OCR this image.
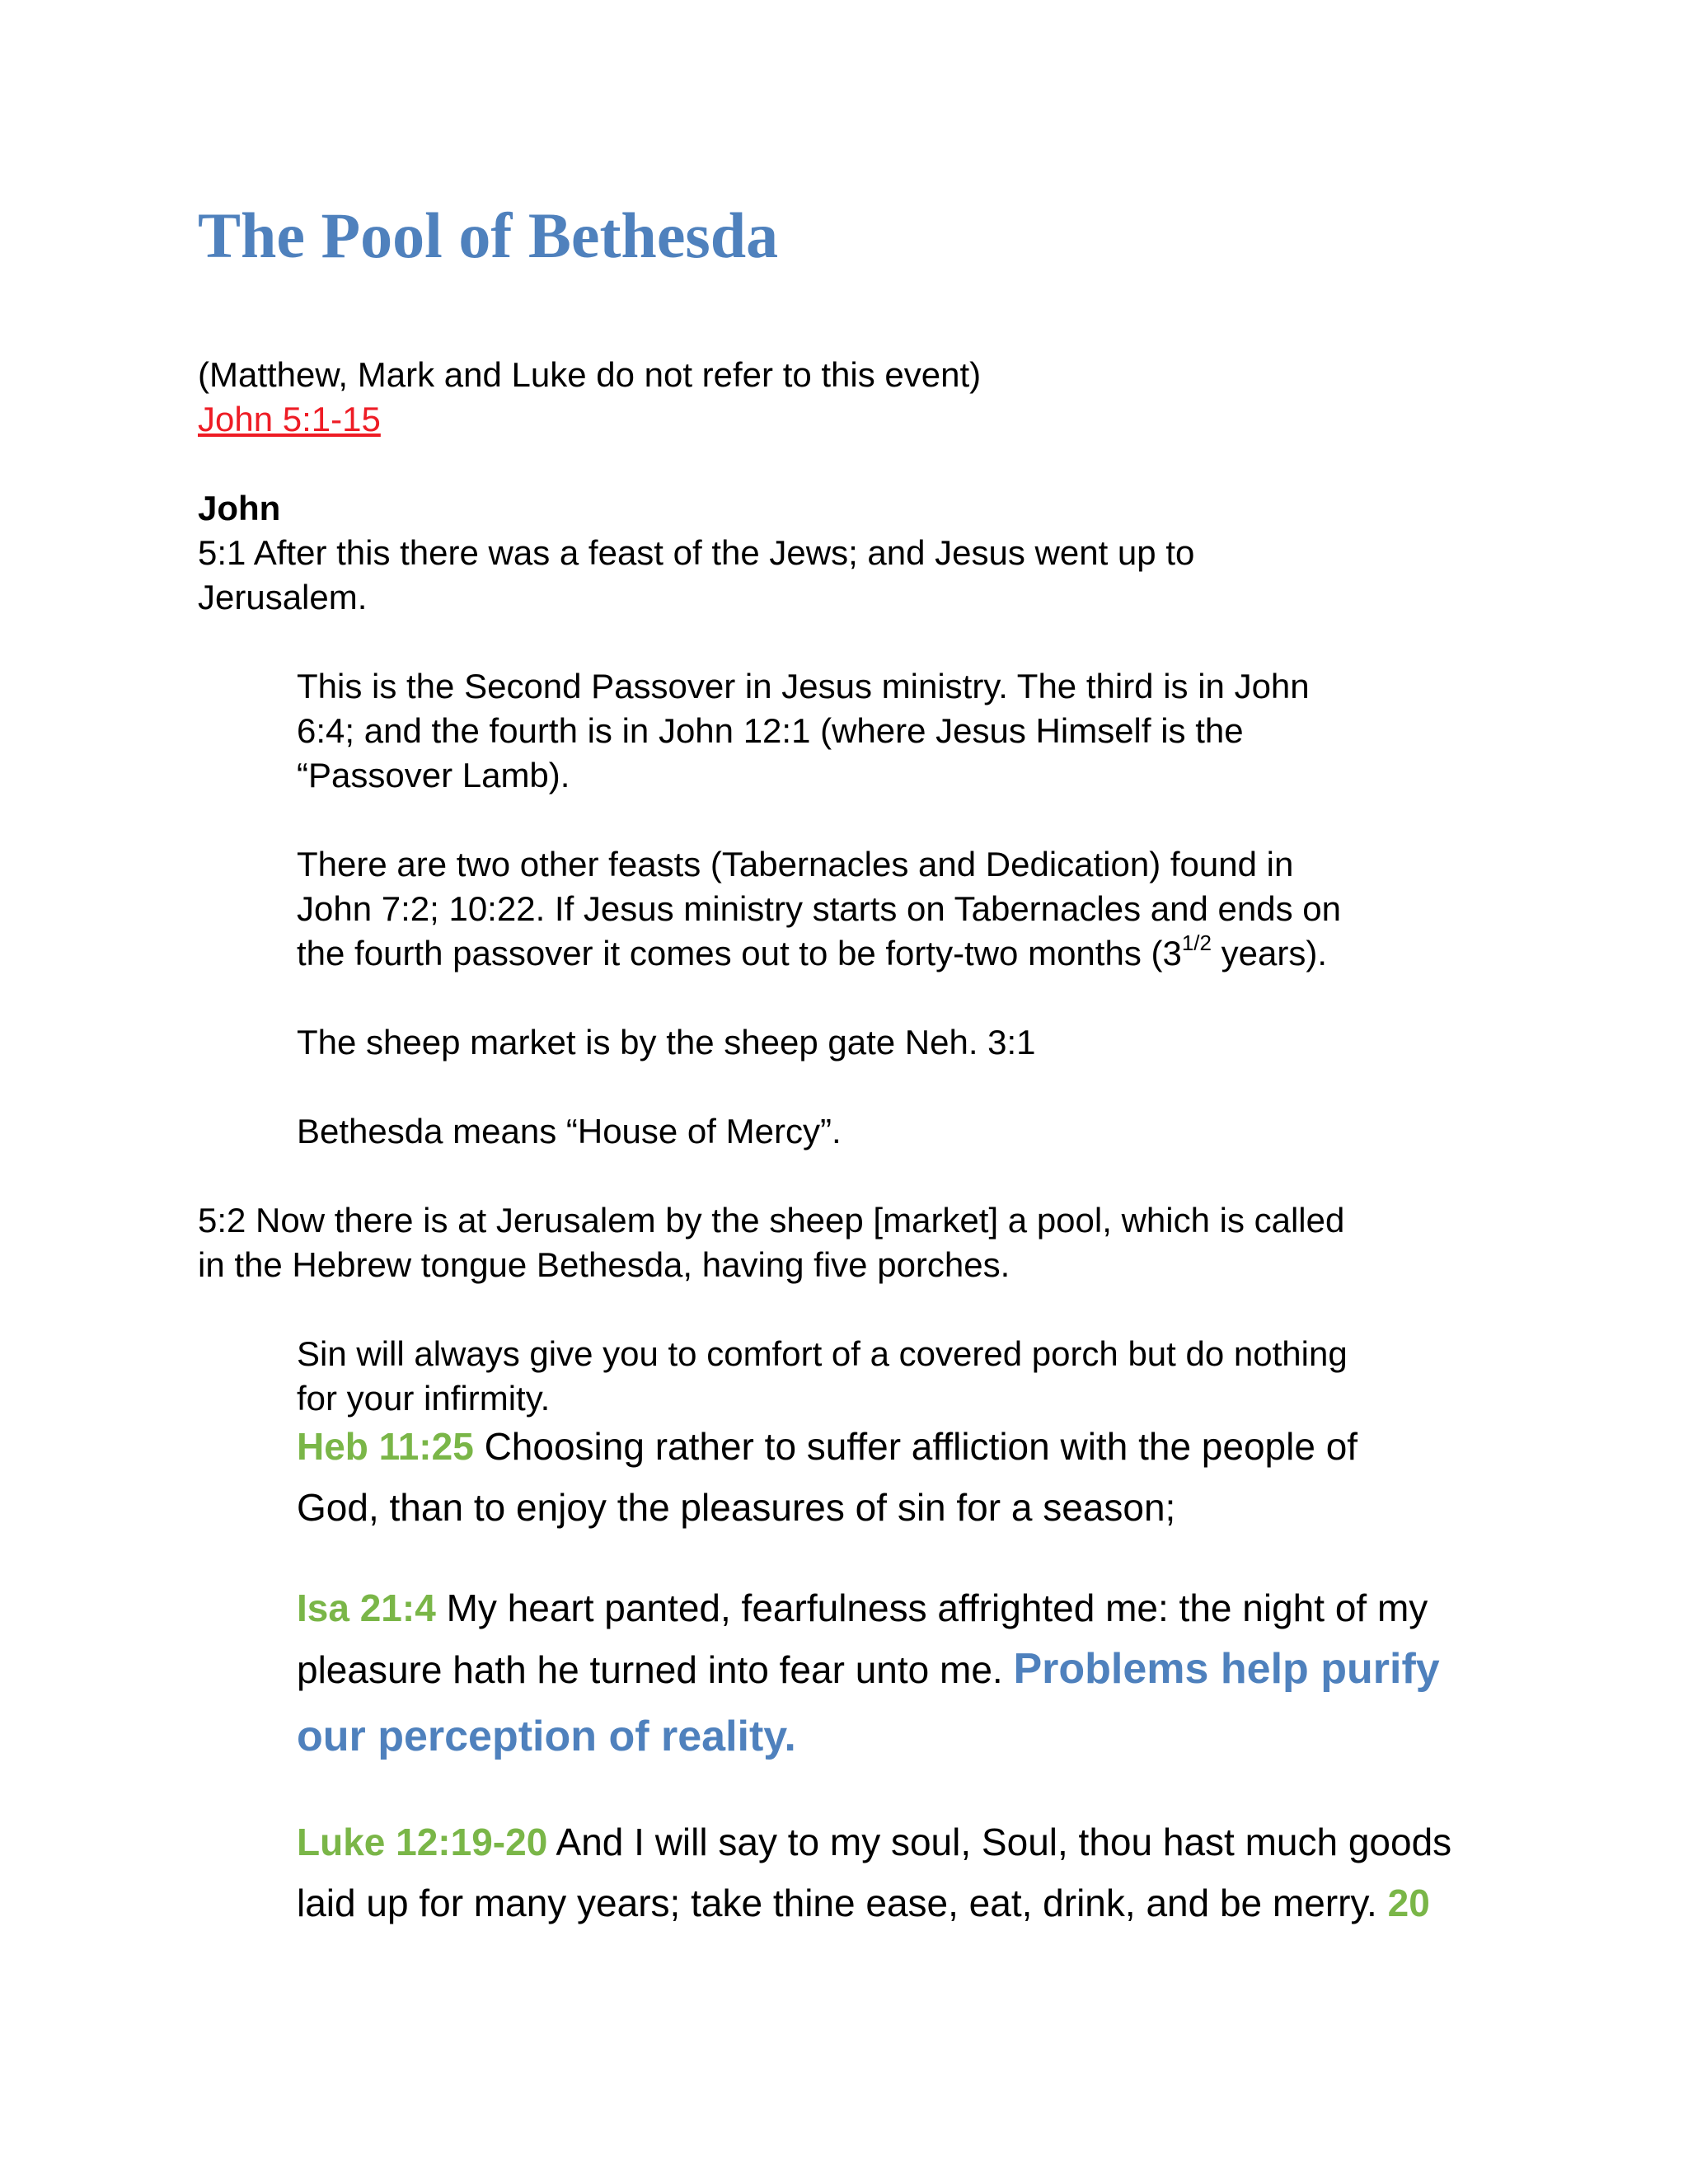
The Pool of Bethesda

(Matthew, Mark and Luke do not refer to this event)

John 5:1-15

John

5:1 After this there was a feast of the Jews; and Jesus went up to

Jerusalem.

This is the Second Passover in Jesus ministry. The third is in John

6:4; and the fourth is in John 12:1 (where Jesus Himself is the

“Passover Lamb).

There are two other feasts (Tabernacles and Dedication) found in

John 7:2; 10:22. If Jesus ministry starts on Tabernacles and ends on

the fourth passover it comes out to be forty-two months ($3^{1/2}$ years).

The sheep market is by the sheep gate Neh. 3:1

Bethesda means “House of Mercy”.

5:2 Now there is at Jerusalem by the sheep [market] a pool, which is called

in the Hebrew tongue Bethesda, having five porches.

Sin will always give you to comfort of a covered porch but do nothing

for your infirmity.

Heb 11:25 Choosing rather to suffer affliction with the people of

God, than to enjoy the pleasures of sin for a season;

Isa 21:4 My heart panted, fearfulness affrighted me: the night of my

pleasure hath he turned into fear unto me. Problems help purify

our perception of reality.

Luke 12:19-20 And I will say to my soul, Soul, thou hast much goods

laid up for many years; take thine ease, eat, drink, and be merry. 20
